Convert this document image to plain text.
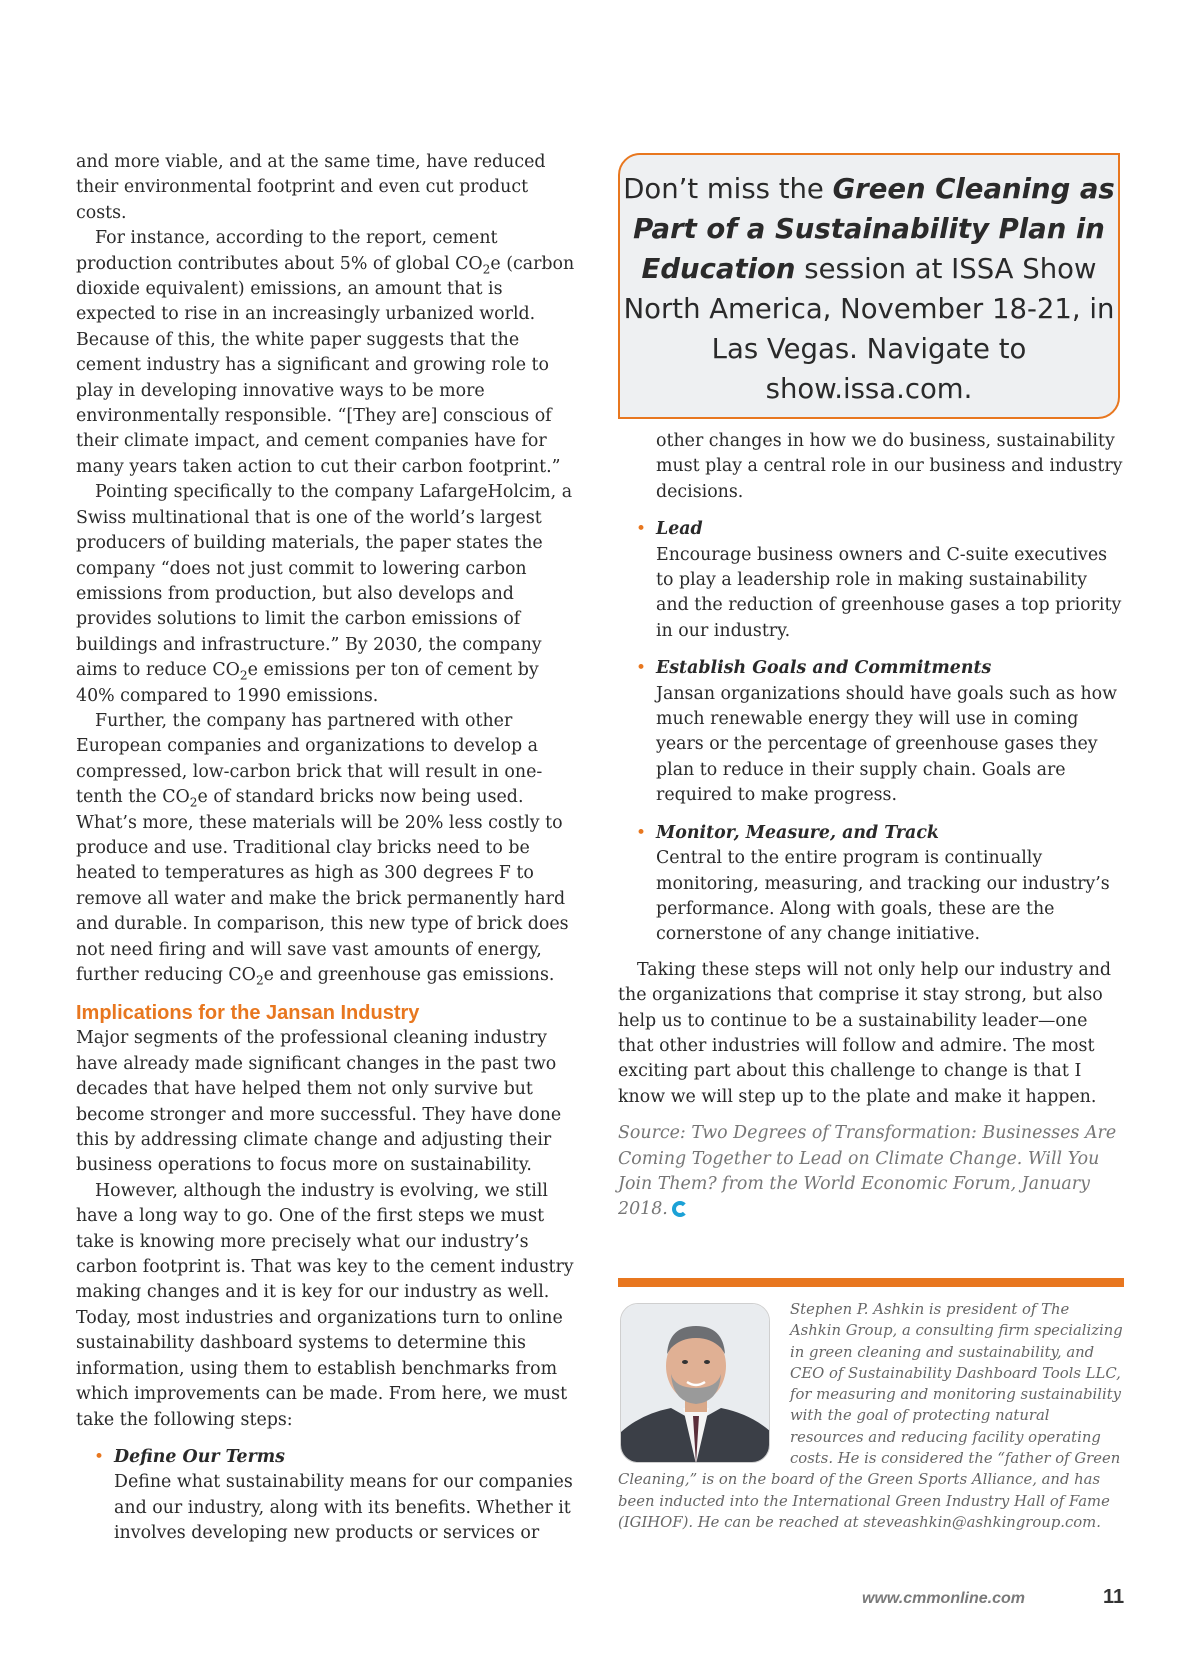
and more viable, and at the same time, have reduced their environmental footprint and even cut product costs.

For instance, according to the report, cement production contributes about 5% of global $CO_2e$ (carbon dioxide equivalent) emissions, an amount that is expected to rise in an increasingly urbanized world. Because of this, the white paper suggests that the cement industry has a significant and growing role to play in developing innovative ways to be more environmentally responsible. “[They are] conscious of their climate impact, and cement companies have for many years taken action to cut their carbon footprint.”

Pointing specifically to the company LafargeHolcim, a Swiss multinational that is one of the world’s largest producers of building materials, the paper states the company “does not just commit to lowering carbon emissions from production, but also develops and provides solutions to limit the carbon emissions of buildings and infrastructure.” By 2030, the company aims to reduce $CO_2e$ emissions per ton of cement by 40% compared to 1990 emissions.

Further, the company has partnered with other European companies and organizations to develop a compressed, low-carbon brick that will result in one-tenth the $CO_2e$ of standard bricks now being used. What’s more, these materials will be 20% less costly to produce and use. Traditional clay bricks need to be heated to temperatures as high as 300 degrees F to remove all water and make the brick permanently hard and durable. In comparison, this new type of brick does not need firing and will save vast amounts of energy, further reducing $CO_2e$ and greenhouse gas emissions.

Implications for the Jansan Industry

Major segments of the professional cleaning industry have already made significant changes in the past two decades that have helped them not only survive but become stronger and more successful. They have done this by addressing climate change and adjusting their business operations to focus more on sustainability.

However, although the industry is evolving, we still have a long way to go. One of the first steps we must take is knowing more precisely what our industry’s carbon footprint is. That was key to the cement industry making changes and it is key for our industry as well. Today, most industries and organizations turn to online sustainability dashboard systems to determine this information, using them to establish benchmarks from which improvements can be made. From here, we must take the following steps:

• Define Our Terms
Define what sustainability means for our companies and our industry, along with its benefits. Whether it involves developing new products or services or
Don’t miss the Green Cleaning as Part of a Sustainability Plan in Education session at ISSA Show North America, November 18-21, in Las Vegas. Navigate to show.issa.com.

other changes in how we do business, sustainability must play a central role in our business and industry decisions.

• Lead
Encourage business owners and C-suite executives to play a leadership role in making sustainability and the reduction of greenhouse gases a top priority in our industry.
• Establish Goals and Commitments
Jansan organizations should have goals such as how much renewable energy they will use in coming years or the percentage of greenhouse gases they plan to reduce in their supply chain. Goals are required to make progress.
• Monitor, Measure, and Track
Central to the entire program is continually monitoring, measuring, and tracking our industry’s performance. Along with goals, these are the cornerstone of any change initiative.

Taking these steps will not only help our industry and the organizations that comprise it stay strong, but also help us to continue to be a sustainability leader—one that other industries will follow and admire. The most exciting part about this challenge to change is that I know we will step up to the plate and make it happen.

Source: Two Degrees of Transformation: Businesses Are Coming Together to Lead on Climate Change. Will You Join Them? from the World Economic Forum, January 2018.

Stephen P. Ashkin is president of The Ashkin Group, a consulting firm specializing in green cleaning and sustainability, and CEO of Sustainability Dashboard Tools LLC, for measuring and monitoring sustainability with the goal of protecting natural resources and reducing facility operating costs. He is considered the “father of Green Cleaning,” is on the board of the Green Sports Alliance, and has been inducted into the International Green Industry Hall of Fame (IGIHOF). He can be reached at steveashkin@ashkingroup.com.
www.cmmonline.com	11
